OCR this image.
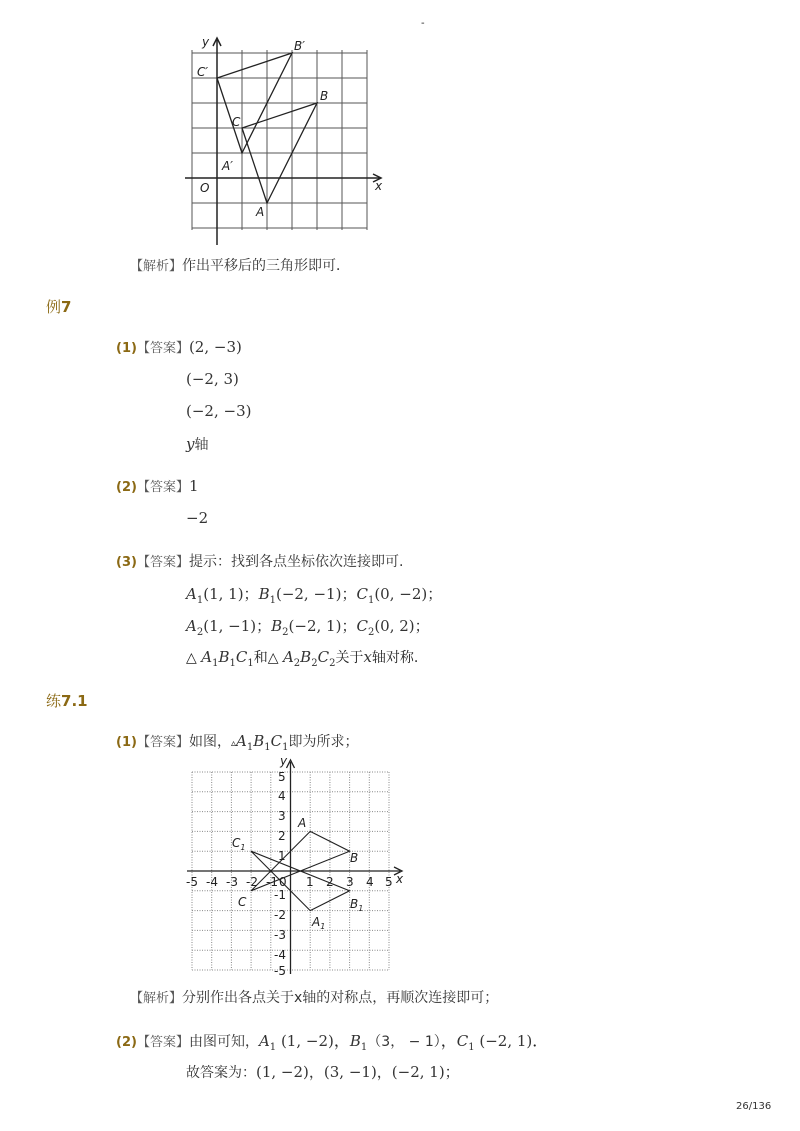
-
y
x
O
A
B
C
A′
B′
C′
【解析】作出平移后的三角形即可．
例7
(1)【答案】(2, −3)
(−2, 3)
(−2, −3)
y轴
(2)【答案】1
−2
(3)【答案】提示：找到各点坐标依次连接即可.
$A_1(1$, 1)；$B_1(-2$, −1)；$C_1(0$, −2)；
$A_2(1$, −1)；$B_2(-2$, 1)；$C_2(0$, 2)；
△ $A_1B_1C_1$和△ $A_2B_2C_2$关于x轴对称.
练7.1
(1)【答案】如图，$▵A_1B_1C_1$即为所求；
-5 -4 -3 -2 -1 0 1 2 3 4 5
5
4
3
2
1
-1
-2
-3
-4
-5
x
y
A
B
C
$A_1$
$B_1$
$C_1$
【解析】分别作出各点关于x轴的对称点，再顺次连接即可；
(2)【答案】由图可知，$A_1$ (1, −2)，$B_1(3$， − 1），$C_1$ (−2, 1)．
故答案为：(1, −2)，(3, −1)，(−2, 1)；
26/136
